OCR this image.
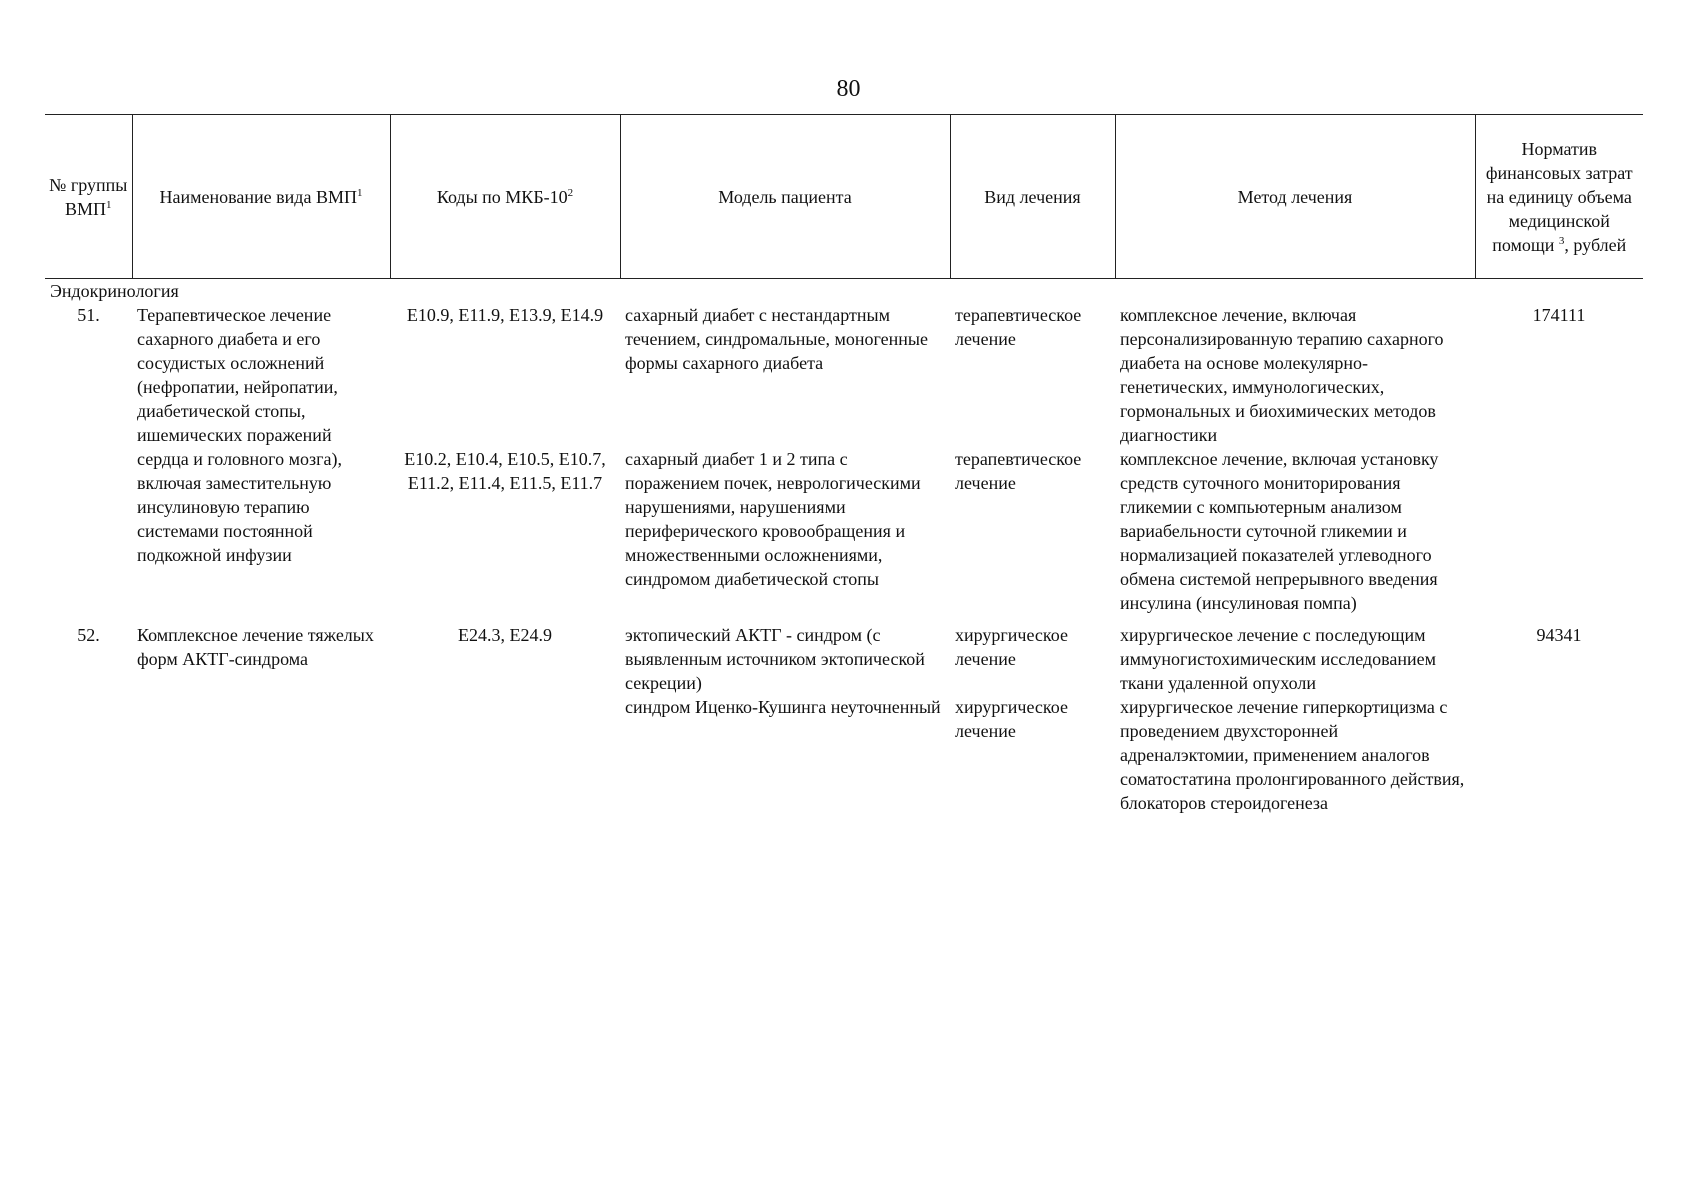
80
№ группы ВМП$^1$	Наименование вида ВМП$^1$	Коды по МКБ-$10^2$	Модель пациента	Вид лечения	Метод лечения	Норматив финансовых затрат на единицу объема медицинской помощи $^3$, рублей
Эндокринология						
51.	Терапевтическое лечение сахарного диабета и его сосудистых осложнений (нефропатии, нейропатии, диабетической стопы, ишемических поражений сердца и головного мозга), включая заместительную инсулиновую терапию системами постоянной подкожной инфузии	E10.9, E11.9, E13.9, E14.9	сахарный диабет с нестандартным течением, синдромальные, моногенные формы сахарного диабета	терапевтическое лечение	комплексное лечение, включая персонализированную терапию сахарного диабета на основе молекулярно-генетических, иммунологических, гормональных и биохимических методов диагностики	174111
		E10.2, E10.4, E10.5, E10.7, E11.2, E11.4, E11.5, E11.7	сахарный диабет 1 и 2 типа с поражением почек, неврологическими нарушениями, нарушениями периферического кровообращения и множественными осложнениями, синдромом диабетической стопы	терапевтическое лечение	комплексное лечение, включая установку средств суточного мониторирования гликемии с компьютерным анализом вариабельности суточной гликемии и нормализацией показателей углеводного обмена системой непрерывного введения инсулина (инсулиновая помпа)	
52.	Комплексное лечение тяжелых форм АКТГ-синдрома	E24.3, E24.9	эктопический АКТГ - синдром (с выявленным источником эктопической секреции)	хирургическое лечение	хирургическое лечение с последующим иммуногистохимическим исследованием ткани удаленной опухоли	94341
			синдром Иценко-Кушинга неуточненный	хирургическое лечение	хирургическое лечение гиперкортицизма с проведением двухсторонней адреналэктомии, применением аналогов соматостатина пролонгированного действия, блокаторов стероидогенеза	
